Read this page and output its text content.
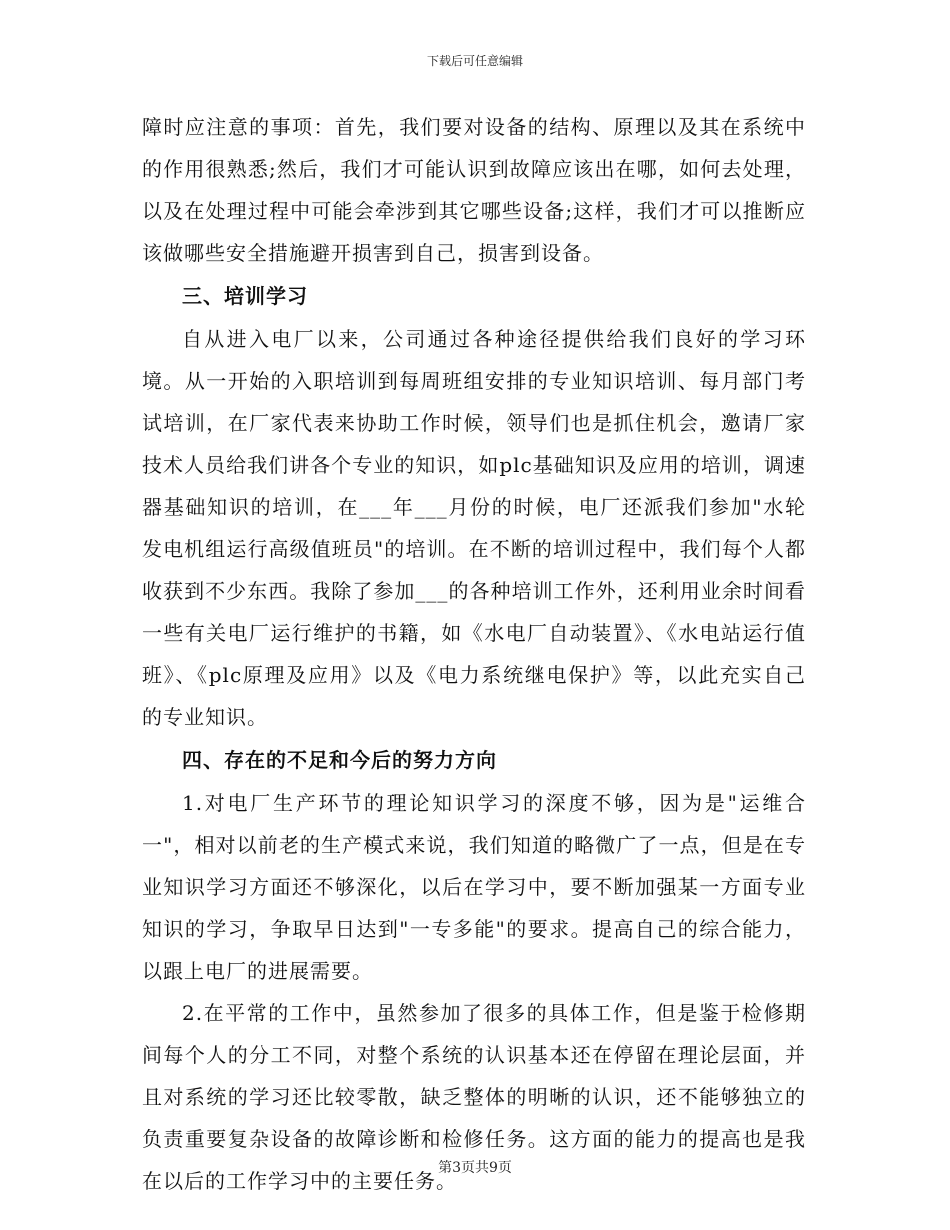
下载后可任意编辑

障时应注意的事项：首先，我们要对设备的结构、原理以及其在系统中的作用很熟悉;然后，我们才可能认识到故障应该出在哪，如何去处理，以及在处理过程中可能会牵涉到其它哪些设备;这样，我们才可以推断应该做哪些安全措施避开损害到自己，损害到设备。

三、培训学习

自从进入电厂以来，公司通过各种途径提供给我们良好的学习环境。从一开始的入职培训到每周班组安排的专业知识培训、每月部门考试培训，在厂家代表来协助工作时候，领导们也是抓住机会，邀请厂家技术人员给我们讲各个专业的知识，如plc基础知识及应用的培训，调速器基础知识的培训，在___年___月份的时候，电厂还派我们参加"水轮发电机组运行高级值班员"的培训。在不断的培训过程中，我们每个人都收获到不少东西。我除了参加___的各种培训工作外，还利用业余时间看一些有关电厂运行维护的书籍，如《水电厂自动装置》、《水电站运行值班》、《plc原理及应用》以及《电力系统继电保护》等，以此充实自己的专业知识。

四、存在的不足和今后的努力方向

1.对电厂生产环节的理论知识学习的深度不够，因为是"运维合一"，相对以前老的生产模式来说，我们知道的略微广了一点，但是在专业知识学习方面还不够深化，以后在学习中，要不断加强某一方面专业知识的学习，争取早日达到"一专多能"的要求。提高自己的综合能力，以跟上电厂的进展需要。

2.在平常的工作中，虽然参加了很多的具体工作，但是鉴于检修期间每个人的分工不同，对整个系统的认识基本还在停留在理论层面，并且对系统的学习还比较零散，缺乏整体的明晰的认识，还不能够独立的负责重要复杂设备的故障诊断和检修任务。这方面的能力的提高也是我在以后的工作学习中的主要任务。

第3页共9页
